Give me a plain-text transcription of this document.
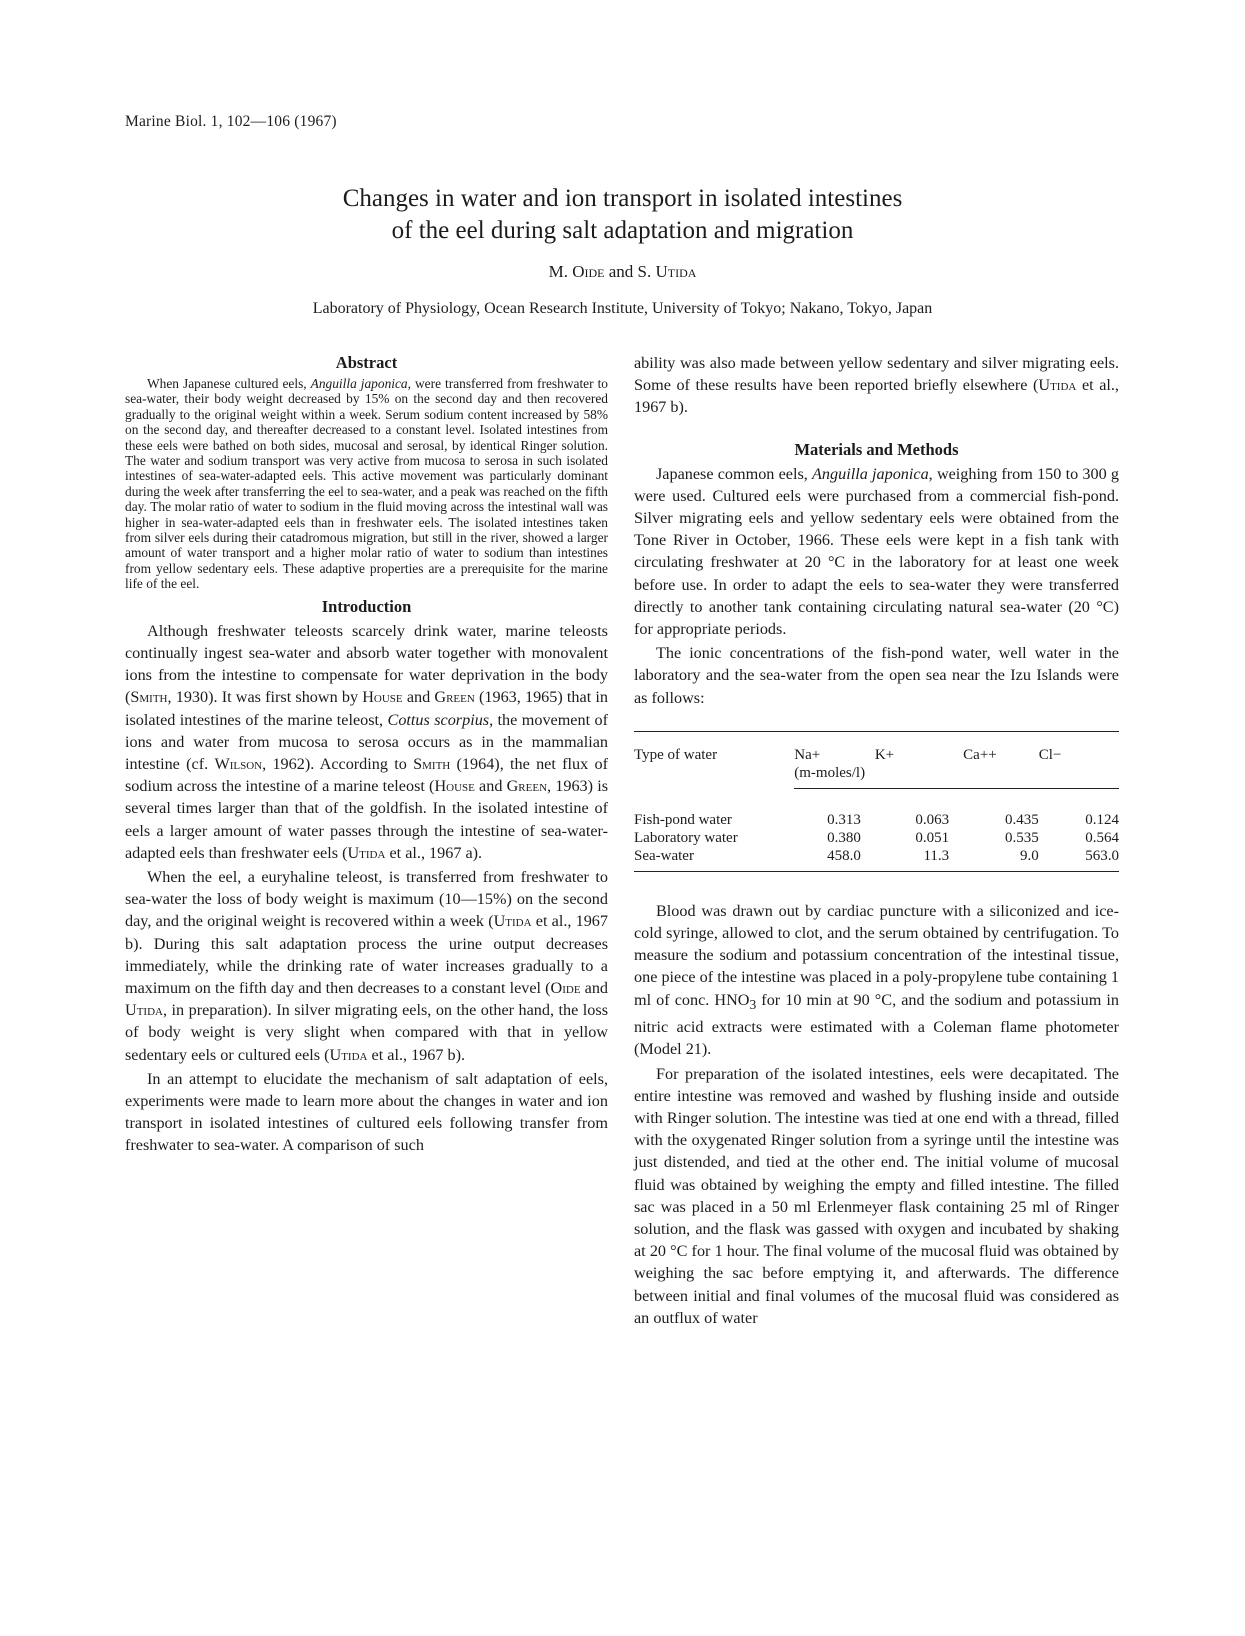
Marine Biol. 1, 102—106 (1967)
Changes in water and ion transport in isolated intestines
of the eel during salt adaptation and migration
M. Oide and S. Utida
Laboratory of Physiology, Ocean Research Institute, University of Tokyo; Nakano, Tokyo, Japan
Abstract

When Japanese cultured eels, Anguilla japonica, were transferred from freshwater to sea-water, their body weight decreased by 15% on the second day and then recovered gradually to the original weight within a week. Serum sodium content increased by 58% on the second day, and thereafter decreased to a constant level. Isolated intestines from these eels were bathed on both sides, mucosal and serosal, by identical Ringer solution. The water and sodium transport was very active from mucosa to serosa in such isolated intestines of sea-water-adapted eels. This active movement was particularly dominant during the week after transferring the eel to sea-water, and a peak was reached on the fifth day. The molar ratio of water to sodium in the fluid moving across the intestinal wall was higher in sea-water-adapted eels than in freshwater eels. The isolated intestines taken from silver eels during their catadromous migration, but still in the river, showed a larger amount of water transport and a higher molar ratio of water to sodium than intestines from yellow sedentary eels. These adaptive properties are a prerequisite for the marine life of the eel.

Introduction

Although freshwater teleosts scarcely drink water, marine teleosts continually ingest sea-water and absorb water together with monovalent ions from the intestine to compensate for water deprivation in the body (Smith, 1930). It was first shown by House and Green (1963, 1965) that in isolated intestines of the marine teleost, Cottus scorpius, the movement of ions and water from mucosa to serosa occurs as in the mammalian intestine (cf. Wilson, 1962). According to Smith (1964), the net flux of sodium across the intestine of a marine teleost (House and Green, 1963) is several times larger than that of the goldfish. In the isolated intestine of eels a larger amount of water passes through the intestine of sea-water-adapted eels than freshwater eels (Utida et al., 1967 a).

When the eel, a euryhaline teleost, is transferred from freshwater to sea-water the loss of body weight is maximum (10—15%) on the second day, and the original weight is recovered within a week (Utida et al., 1967 b). During this salt adaptation process the urine output decreases immediately, while the drinking rate of water increases gradually to a maximum on the fifth day and then decreases to a constant level (Oide and Utida, in preparation). In silver migrating eels, on the other hand, the loss of body weight is very slight when compared with that in yellow sedentary eels or cultured eels (Utida et al., 1967 b).

In an attempt to elucidate the mechanism of salt adaptation of eels, experiments were made to learn more about the changes in water and ion transport in isolated intestines of cultured eels following transfer from freshwater to sea-water. A comparison of such

ability was also made between yellow sedentary and silver migrating eels. Some of these results have been reported briefly elsewhere (Utida et al., 1967 b).

Materials and Methods

Japanese common eels, Anguilla japonica, weighing from 150 to 300 g were used. Cultured eels were purchased from a commercial fish-pond. Silver migrating eels and yellow sedentary eels were obtained from the Tone River in October, 1966. These eels were kept in a fish tank with circulating freshwater at 20 °C in the laboratory for at least one week before use. In order to adapt the eels to sea-water they were transferred directly to another tank containing circulating natural sea-water (20 °C) for appropriate periods.

The ionic concentrations of the fish-pond water, well water in the laboratory and the sea-water from the open sea near the Izu Islands were as follows:

Type of water	Na+	K+	Ca++	Cl−
	(m-moles/l)			

Fish-pond water	0.313	0.063	0.435	0.124
Laboratory water	0.380	0.051	0.535	0.564
Sea-water	458.0	11.3	9.0	563.0

Blood was drawn out by cardiac puncture with a siliconized and ice-cold syringe, allowed to clot, and the serum obtained by centrifugation. To measure the sodium and potassium concentration of the intestinal tissue, one piece of the intestine was placed in a poly-propylene tube containing 1 ml of conc. $HNO_3$ for 10 min at 90 °C, and the sodium and potassium in nitric acid extracts were estimated with a Coleman flame photometer (Model 21).

For preparation of the isolated intestines, eels were decapitated. The entire intestine was removed and washed by flushing inside and outside with Ringer solution. The intestine was tied at one end with a thread, filled with the oxygenated Ringer solution from a syringe until the intestine was just distended, and tied at the other end. The initial volume of mucosal fluid was obtained by weighing the empty and filled intestine. The filled sac was placed in a 50 ml Erlenmeyer flask containing 25 ml of Ringer solution, and the flask was gassed with oxygen and incubated by shaking at 20 °C for 1 hour. The final volume of the mucosal fluid was obtained by weighing the sac before emptying it, and afterwards. The difference between initial and final volumes of the mucosal fluid was considered as an outflux of water
